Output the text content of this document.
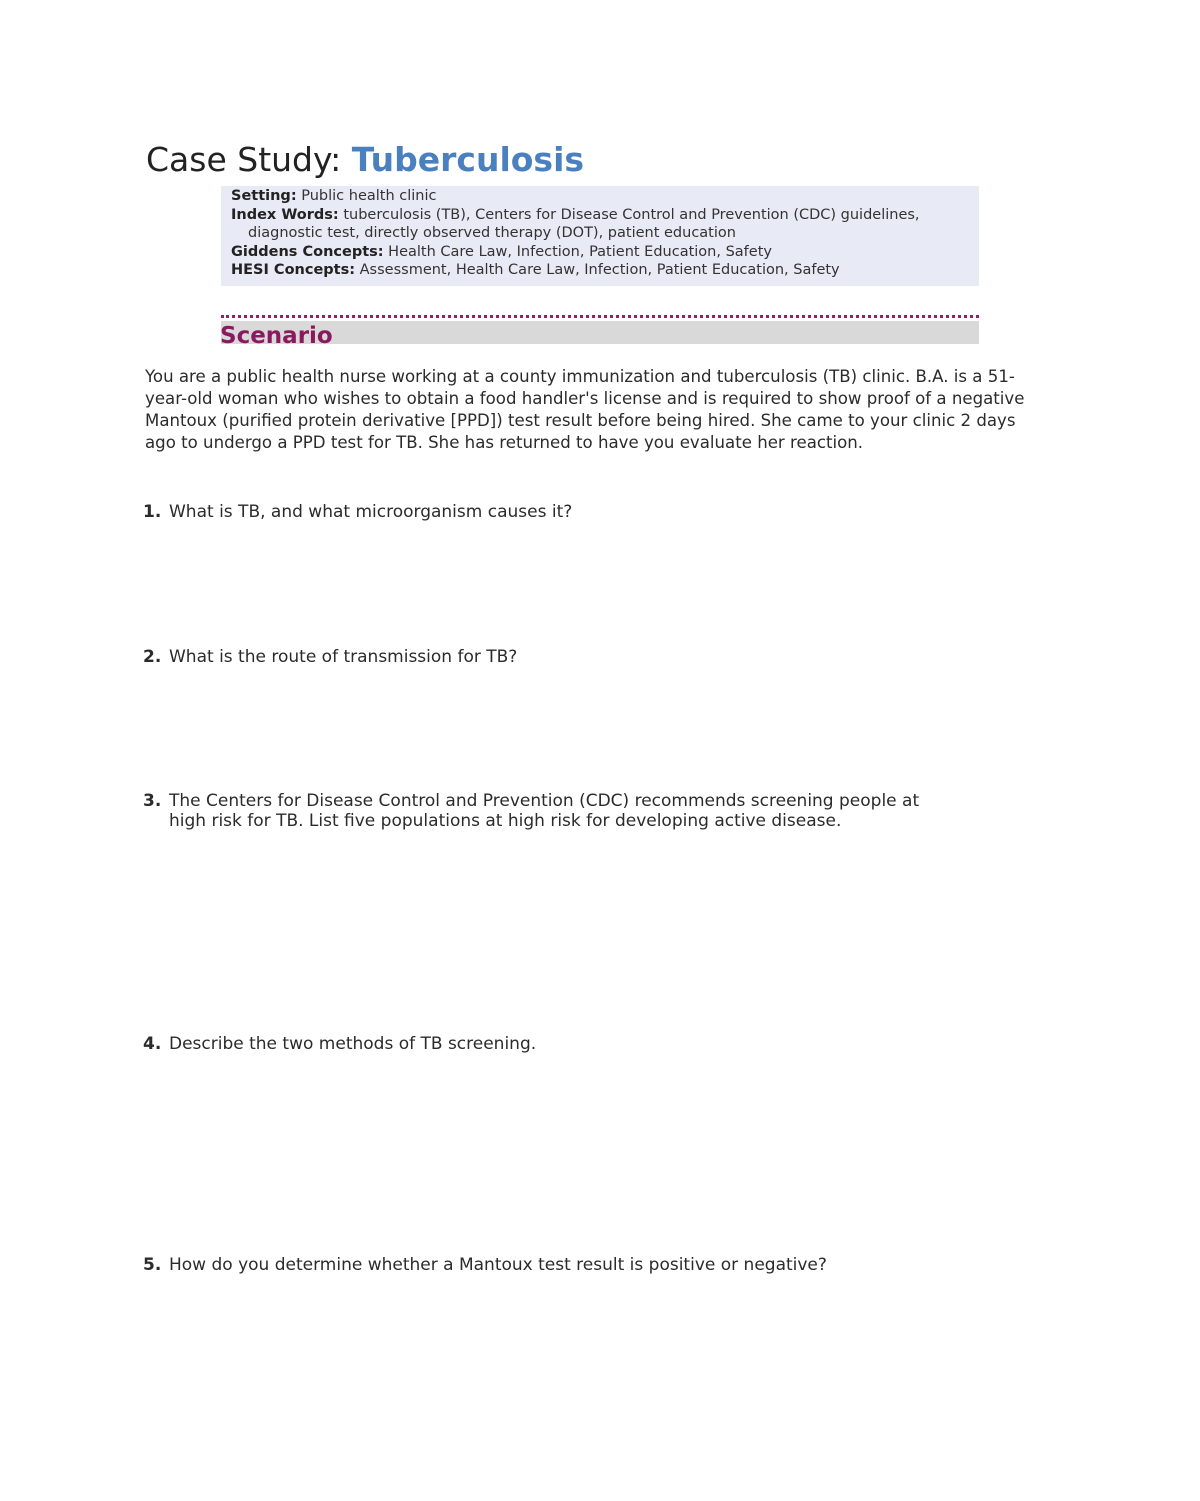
Case Study: Tuberculosis
Setting: Public health clinic
Index Words: tuberculosis (TB), Centers for Disease Control and Prevention (CDC) guidelines,
diagnostic test, directly observed therapy (DOT), patient education
Giddens Concepts: Health Care Law, Infection, Patient Education, Safety
HESI Concepts: Assessment, Health Care Law, Infection, Patient Education, Safety
Scenario
You are a public health nurse working at a county immunization and tuberculosis (TB) clinic. B.A. is a 51-year-old woman who wishes to obtain a food handler's license and is required to show proof of a negative Mantoux (purified protein derivative [PPD]) test result before being hired. She came to your clinic 2 days ago to undergo a PPD test for TB. She has returned to have you evaluate her reaction.
1. What is TB, and what microorganism causes it?
2. What is the route of transmission for TB?
3. The Centers for Disease Control and Prevention (CDC) recommends screening people at high risk for TB. List five populations at high risk for developing active disease.
4. Describe the two methods of TB screening.
5. How do you determine whether a Mantoux test result is positive or negative?
